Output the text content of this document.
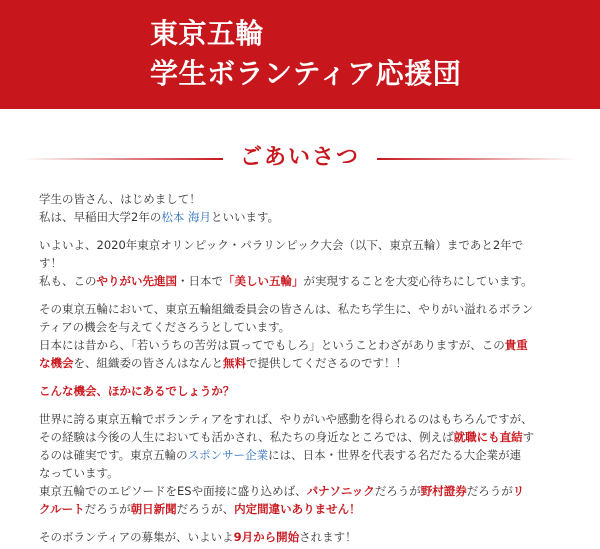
東京五輪
学生ボランティア応援団
ごあいさつ

学生の皆さん、はじめまして！

私は、早稲田大学2年の松本 海月といいます。

いよいよ、2020年東京オリンピック・パラリンピック大会（以下、東京五輪）まであと2年で

す！

私も、このやりがい先進国・日本で「美しい五輪」が実現することを大変心待ちにしています。

その東京五輪において、東京五輪組織委員会の皆さんは、私たち学生に、やりがい溢れるボラン

ティアの機会を与えてくださろうとしています。

日本には昔から、「若いうちの苦労は買ってでもしろ」ということわざがありますが、この貴重

な機会を、組織委の皆さんはなんと無料で提供してくださるのです！！

こんな機会、ほかにあるでしょうか？

世界に誇る東京五輪でボランティアをすれば、やりがいや感動を得られるのはもちろんですが、

その経験は今後の人生においても活かされ、私たちの身近なところでは、例えば就職にも直結す

るのは確実です。東京五輪のスポンサー企業には、日本・世界を代表する名だたる大企業が連

なっています。

東京五輪でのエピソードをESや面接に盛り込めば、パナソニックだろうが野村證券だろうがリ

クルートだろうが朝日新聞だろうが、内定間違いありません！

そのボランティアの募集が、いよいよ9月から開始されます！
